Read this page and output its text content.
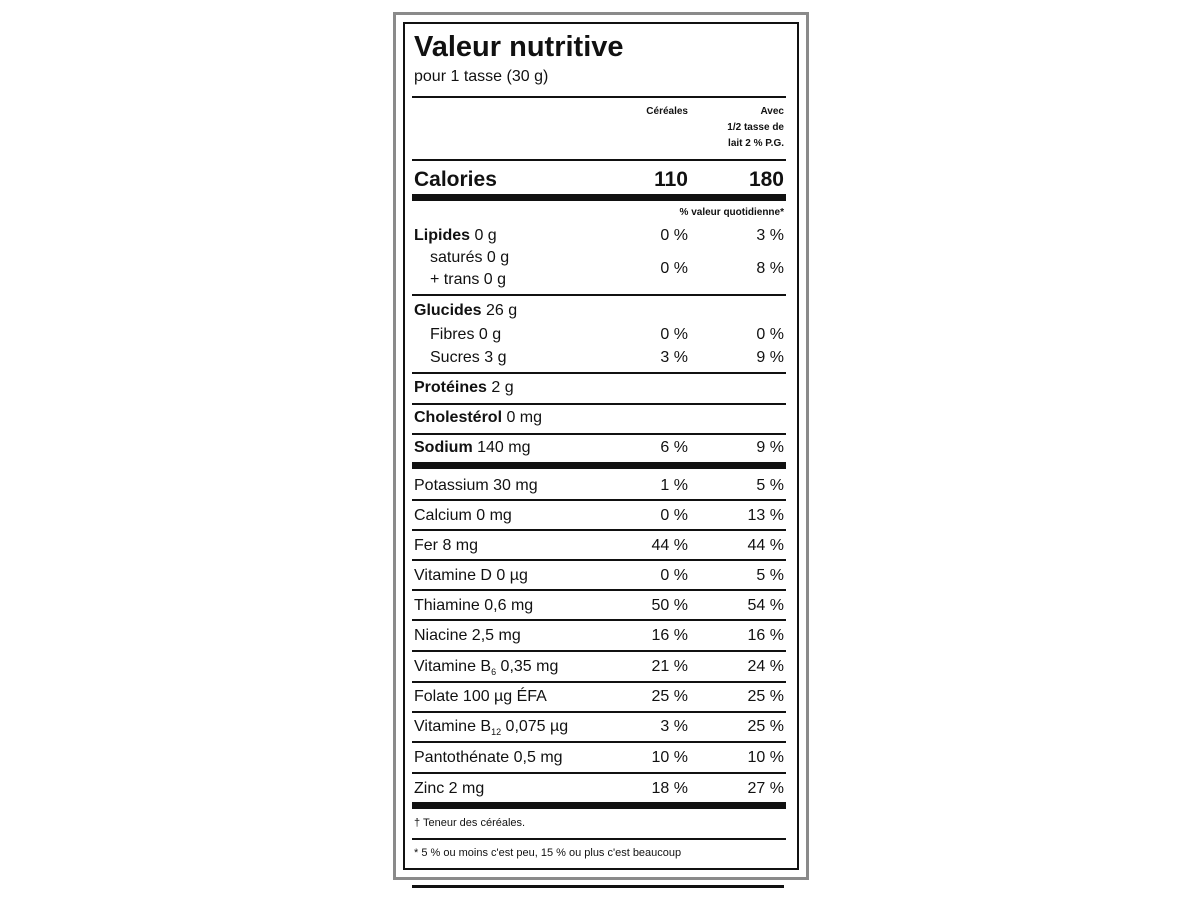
Valeur nutritive
pour 1 tasse (30 g)
Céréales	Avec
1/2 tasse de
lait 2 % P.G.
Calories	110	180
% valeur quotidienne*
Lipides 0 g	0 %	3 %
saturés 0 g
+ trans 0 g
0 %	8 %
Glucides 26 g
Fibres 0 g	0 %	0 %
Sucres 3 g	3 %	9 %
Protéines 2 g
Cholestérol 0 mg
Sodium 140 mg	6 %	9 %
Potassium 30 mg	1 %	5 %
Calcium 0 mg	0 %	13 %
Fer 8 mg	44 %	44 %
Vitamine D 0 µg	0 %	5 %
Thiamine 0,6 mg	50 %	54 %
Niacine 2,5 mg	16 %	16 %
Vitamine $B_6$ 0,35 mg	21 %	24 %
Folate 100 µg ÉFA	25 %	25 %
Vitamine $B_{12}$ 0,075 µg	3 %	25 %
Pantothénate 0,5 mg	10 %	10 %
Zinc 2 mg	18 %	27 %
† Teneur des céréales.
* 5 % ou moins c'est peu, 15 % ou plus c'est beaucoup
